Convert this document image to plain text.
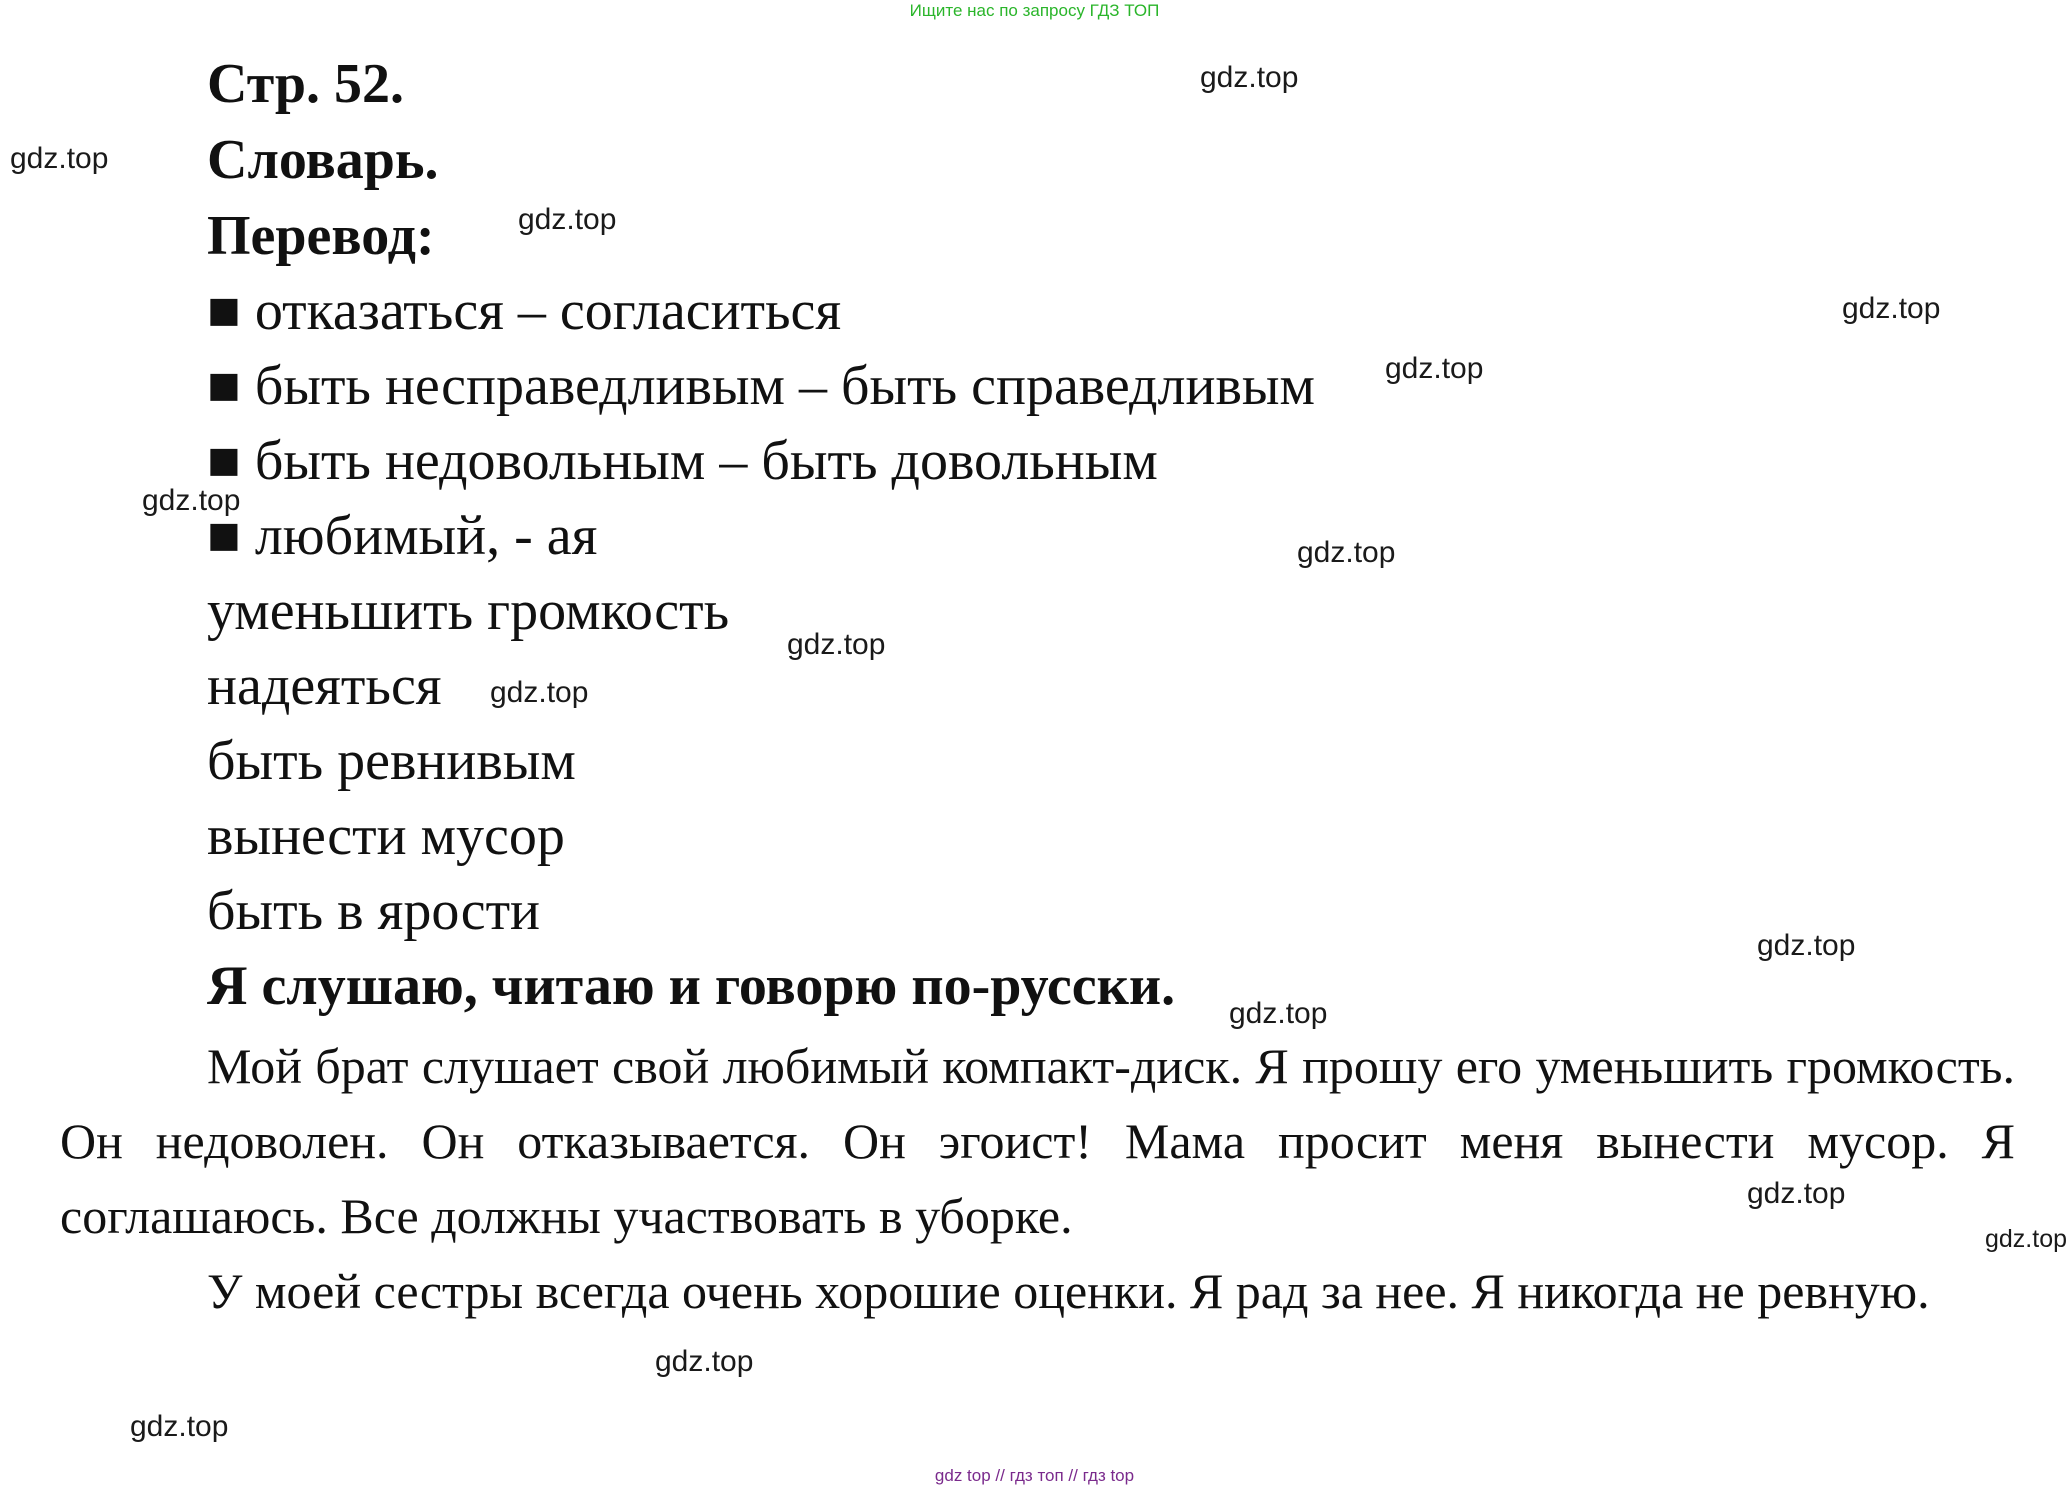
Ищите нас по запросу ГДЗ ТОП
Стр. 52.
Словарь.
Перевод:
■ отказаться – согласиться
■ быть несправедливым – быть справедливым
■ быть недовольным – быть довольным
■ любимый, - ая
уменьшить громкость
надеяться
быть ревнивым
вынести мусор
быть в ярости
Я слушаю, читаю и говорю по-русски.
Мой брат слушает свой любимый компакт-диск. Я прошу его уменьшить громкость. Он недоволен. Он отказывается. Он эгоист! Мама просит меня вынести мусор. Я соглашаюсь. Все должны участвовать в уборке.
У моей сестры всегда очень хорошие оценки. Я рад за нее. Я никогда не ревную.
gdz.top
gdz.top
gdz.top
gdz.top
gdz.top
gdz.top
gdz.top
gdz.top
gdz.top
gdz.top
gdz.top
gdz.top
gdz.top
gdz.top
gdz.top
gdz top // гдз топ // гдз top
